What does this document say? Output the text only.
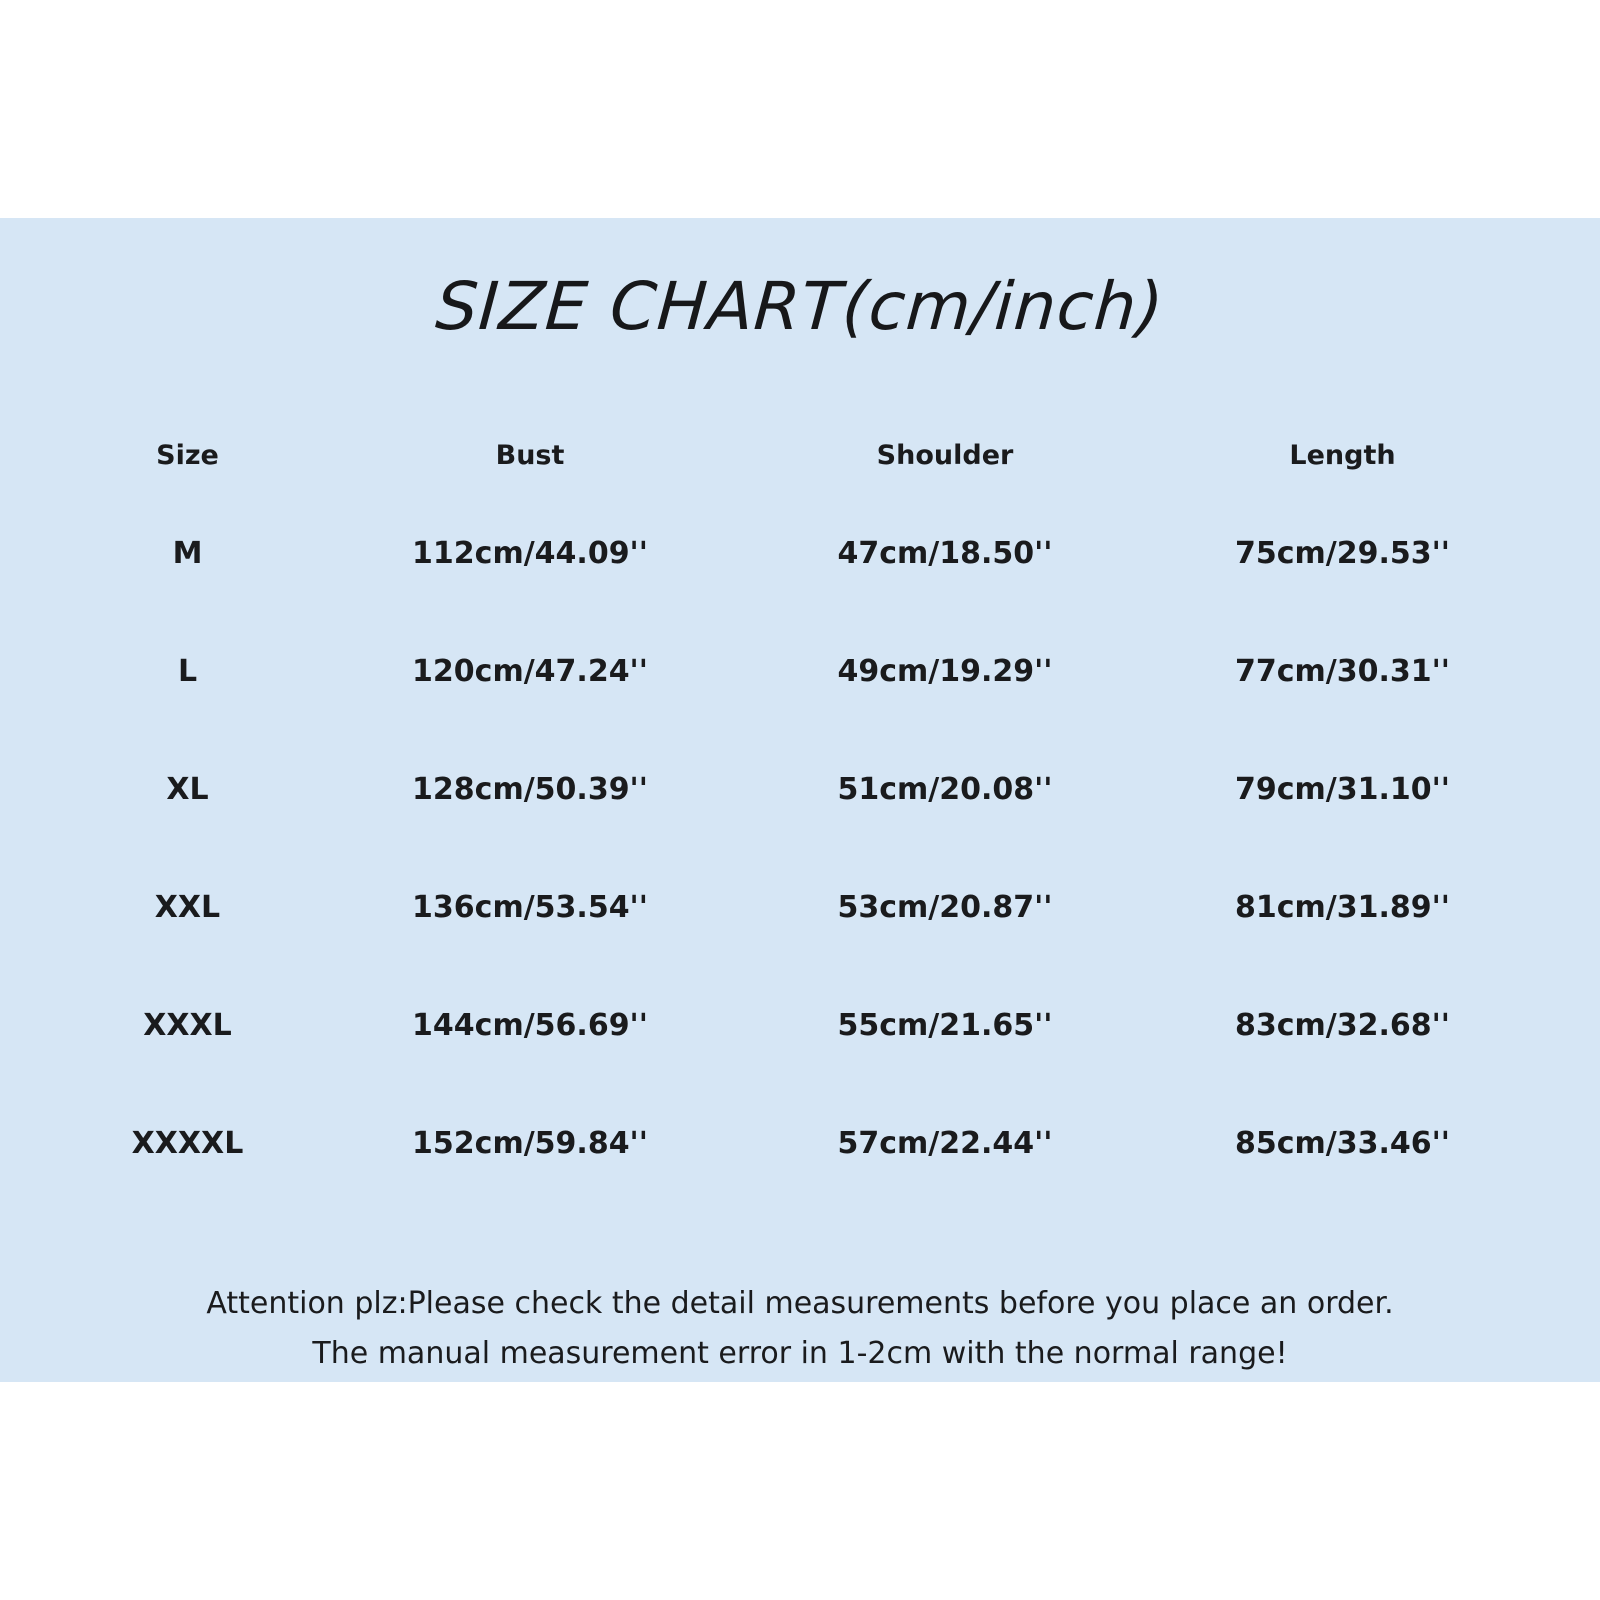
SIZE CHART(cm/inch)
Size	Bust	Shoulder	Length
M	112cm/44.09''	47cm/18.50''	75cm/29.53''
L	120cm/47.24''	49cm/19.29''	77cm/30.31''
XL	128cm/50.39''	51cm/20.08''	79cm/31.10''
XXL	136cm/53.54''	53cm/20.87''	81cm/31.89''
XXXL	144cm/56.69''	55cm/21.65''	83cm/32.68''
XXXXL	152cm/59.84''	57cm/22.44''	85cm/33.46''
Attention plz:Please check the detail measurements before you place an order.
The manual measurement error in 1-2cm with the normal range!
